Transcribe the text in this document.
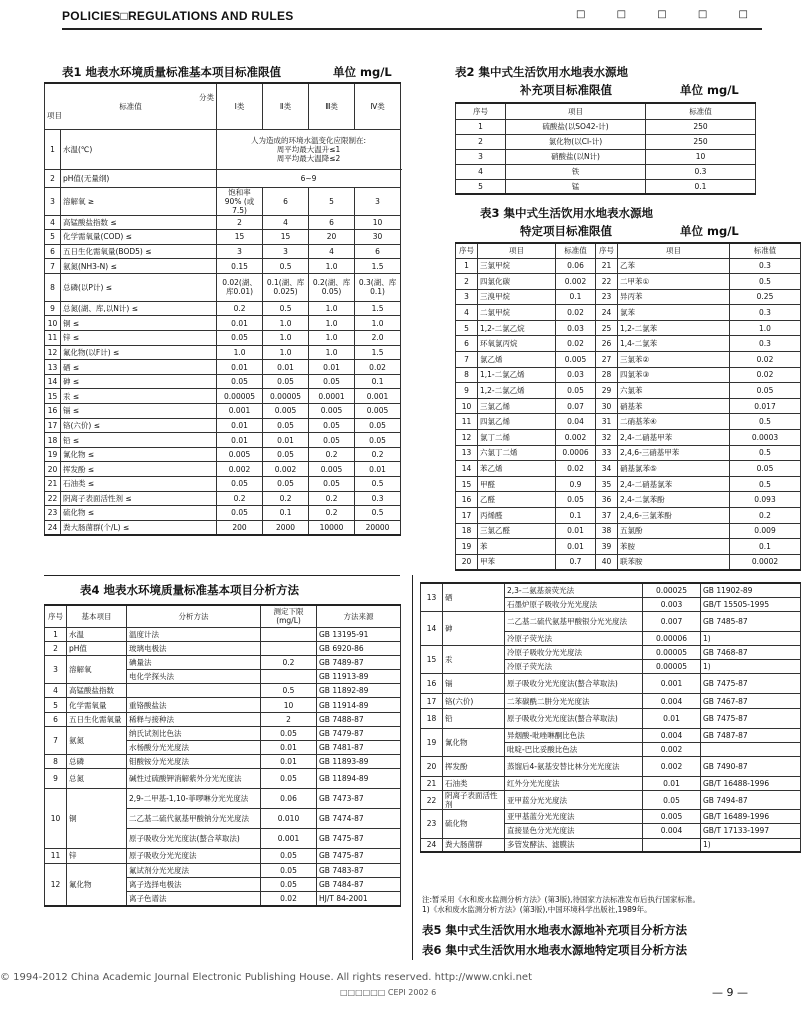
POLICIES□REGULATIONS AND RULES	□ □ □ □ □
表1 地表水环境质量标准基本项目标准限值	单位 mg/L
分类
标准值
项目		Ⅰ类	Ⅱ类	Ⅲ类	Ⅳ类	
1	水温(℃)	人为造成的环境水温变化应限制在:
周平均最大温升≤1
周平均最大温降≤2				

2	pH值(无量纲)	6~9				

3	溶解氧 ≥	饱和率 90% (或7.5)	6	5	3	
4	高锰酸盐指数 ≤	2	4	6	10	
5	化学需氧量(COD) ≤	15	15	20	30	
6	五日生化需氧量(BOD5) ≤	3	3	4	6	
7	氨氮(NH3-N) ≤	0.15	0.5	1.0	1.5	
8	总磷(以P计) ≤	0.02(湖、库0.01)	0.1(湖、库0.025)	0.2(湖、库0.05)	0.3(湖、库0.1)	
9	总氮(湖、库,以N计) ≤	0.2	0.5	1.0	1.5	
10	铜 ≤	0.01	1.0	1.0	1.0	
11	锌 ≤	0.05	1.0	1.0	2.0	
12	氟化物(以F计) ≤	1.0	1.0	1.0	1.5	
13	硒 ≤	0.01	0.01	0.01	0.02	
14	砷 ≤	0.05	0.05	0.05	0.1	
15	汞 ≤	0.00005	0.00005	0.0001	0.001	
16	镉 ≤	0.001	0.005	0.005	0.005	
17	铬(六价) ≤	0.01	0.05	0.05	0.05	
18	铅 ≤	0.01	0.01	0.05	0.05	
19	氰化物 ≤	0.005	0.05	0.2	0.2	
20	挥发酚 ≤	0.002	0.002	0.005	0.01	
21	石油类 ≤	0.05	0.05	0.05	0.5	
22	阴离子表面活性剂 ≤	0.2	0.2	0.2	0.3	
23	硫化物 ≤	0.05	0.1	0.2	0.5	
24	粪大肠菌群(个/L) ≤	200	2000	10000	20000	
表2 集中式生活饮用水地表水源地
补充项目标准限值	单位 mg/L
序号	项目	标准值
1	硫酸盐(以SO42-计)	250
2	氯化物(以Cl-计)	250
3	硝酸盐(以N计)	10
4	铁	0.3
5	锰	0.1
表3 集中式生活饮用水地表水源地
特定项目标准限值	单位 mg/L
序号	项目	标准值	序号	项目	标准值
1	三氯甲烷	0.06	21	乙苯	0.3
2	四氯化碳	0.002	22	二甲苯①	0.5
3	三溴甲烷	0.1	23	异丙苯	0.25
4	二氯甲烷	0.02	24	氯苯	0.3
5	1,2-二氯乙烷	0.03	25	1,2-二氯苯	1.0
6	环氧氯丙烷	0.02	26	1,4-二氯苯	0.3
7	氯乙烯	0.005	27	三氯苯②	0.02
8	1,1-二氯乙烯	0.03	28	四氯苯③	0.02
9	1,2-二氯乙烯	0.05	29	六氯苯	0.05
10	三氯乙烯	0.07	30	硝基苯	0.017
11	四氯乙烯	0.04	31	二硝基苯④	0.5
12	氯丁二烯	0.002	32	2,4-二硝基甲苯	0.0003
13	六氯丁二烯	0.0006	33	2,4,6-三硝基甲苯	0.5
14	苯乙烯	0.02	34	硝基氯苯⑤	0.05
15	甲醛	0.9	35	2,4-二硝基氯苯	0.5
16	乙醛	0.05	36	2,4-二氯苯酚	0.093
17	丙烯醛	0.1	37	2,4,6-三氯苯酚	0.2
18	三氯乙醛	0.01	38	五氯酚	0.009
19	苯	0.01	39	苯胺	0.1
20	甲苯	0.7	40	联苯胺	0.0002
表4 地表水环境质量标准基本项目分析方法
序号	基本项目	分析方法	测定下限(mg/L)	方法来源
1	水温	温度计法		GB 13195-91
2	pH值	玻璃电极法		GB 6920-86
3	溶解氧	碘量法	0.2	GB 7489-87
		电化学探头法		GB 11913-89
4	高锰酸盐指数		0.5	GB 11892-89
5	化学需氧量	重铬酸盐法	10	GB 11914-89
6	五日生化需氧量	稀释与接种法	2	GB 7488-87
7	氨氮	纳氏试剂比色法	0.05	GB 7479-87
		水杨酸分光光度法	0.01	GB 7481-87
8	总磷	钼酸铵分光光度法	0.01	GB 11893-89
9	总氮	碱性过硫酸钾消解紫外分光光度法	0.05	GB 11894-89
10	铜	2,9-二甲基-1,10-菲啰啉分光光度法	0.06	GB 7473-87
		二乙基二硫代氨基甲酸钠分光光度法	0.010	GB 7474-87
		原子吸收分光光度法(螯合萃取法)	0.001	GB 7475-87
11	锌	原子吸收分光光度法	0.05	GB 7475-87
12	氟化物	氟试剂分光光度法	0.05	GB 7483-87
		离子选择电极法	0.05	GB 7484-87
		离子色谱法	0.02	HJ/T 84-2001
13	硒	2,3-二氨基萘荧光法	0.00025	GB 11902-89
		石墨炉原子吸收分光光度法	0.003	GB/T 15505-1995
14	砷	二乙基二硫代氨基甲酸银分光光度法	0.007	GB 7485-87
		冷原子荧光法	0.00006	1)
15	汞	冷原子吸收分光光度法	0.00005	GB 7468-87
		冷原子荧光法	0.00005	1)
16	镉	原子吸收分光光度法(螯合萃取法)	0.001	GB 7475-87
17	铬(六价)	二苯碳酰二肼分光光度法	0.004	GB 7467-87
18	铅	原子吸收分光光度法(螯合萃取法)	0.01	GB 7475-87
19	氰化物	异烟酸-吡唑啉酮比色法	0.004	GB 7487-87
		吡啶-巴比妥酸比色法	0.002	
20	挥发酚	蒸馏后4-氨基安替比林分光光度法	0.002	GB 7490-87
21	石油类	红外分光光度法	0.01	GB/T 16488-1996
22	阴离子表面活性剂	亚甲蓝分光光度法	0.05	GB 7494-87
23	硫化物	亚甲基蓝分光光度法	0.005	GB/T 16489-1996
		直接显色分光光度法	0.004	GB/T 17133-1997
24	粪大肠菌群	多管发酵法、滤膜法		1)
注:暂采用《水和废水监测分析方法》(第3版),待国家方法标准发布后执行国家标准。
1)《水和废水监测分析方法》(第3版),中国环境科学出版社,1989年。
表5 集中式生活饮用水地表水源地补充项目分析方法
表6 集中式生活饮用水地表水源地特定项目分析方法
© 1994-2012 China Academic Journal Electronic Publishing House. All rights reserved. http://www.cnki.net
□□□□□□ CEPI 2002 6	— 9 —
